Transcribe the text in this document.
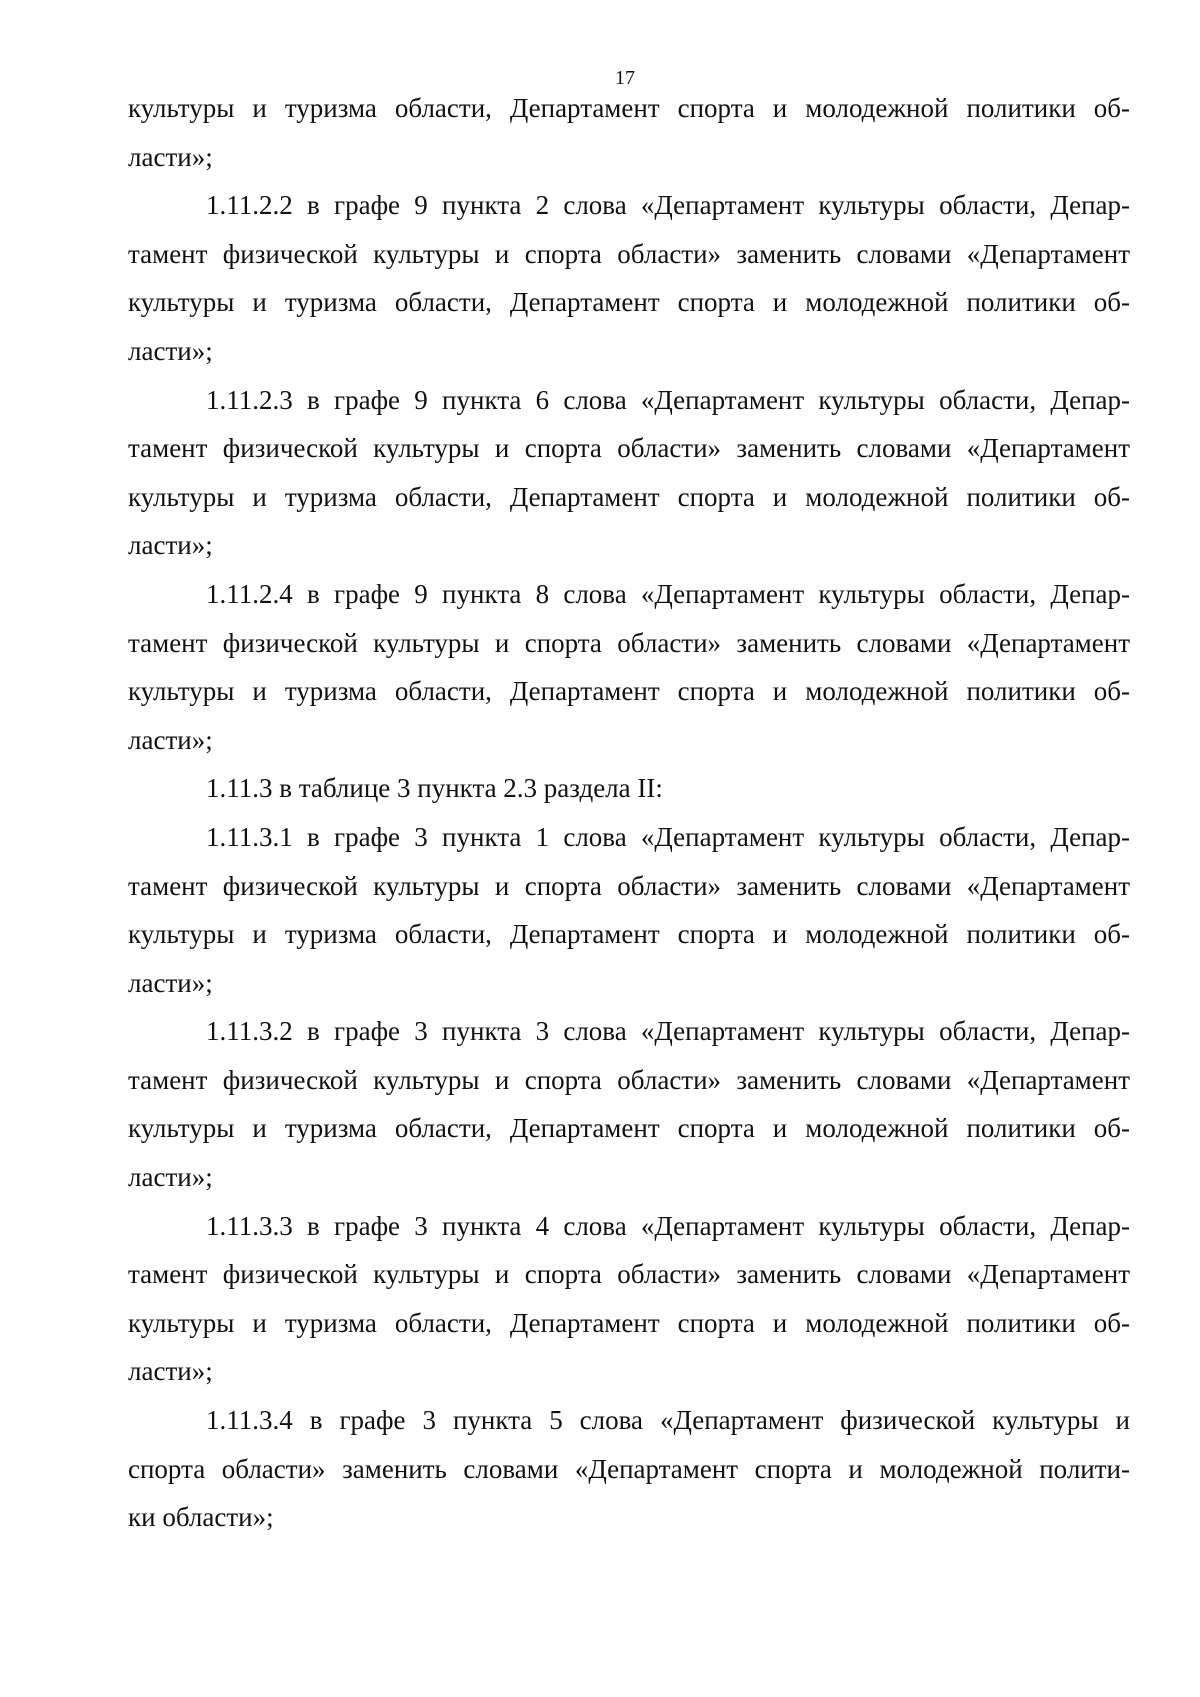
17
культуры и туризма области, Департамент спорта и молодежной политики об-
ласти»;
1.11.2.2 в графе 9 пункта 2 слова «Департамент культуры области, Депар-
тамент физической культуры и спорта области» заменить словами «Департамент
культуры и туризма области, Департамент спорта и молодежной политики об-
ласти»;
1.11.2.3 в графе 9 пункта 6 слова «Департамент культуры области, Депар-
тамент физической культуры и спорта области» заменить словами «Департамент
культуры и туризма области, Департамент спорта и молодежной политики об-
ласти»;
1.11.2.4 в графе 9 пункта 8 слова «Департамент культуры области, Депар-
тамент физической культуры и спорта области» заменить словами «Департамент
культуры и туризма области, Департамент спорта и молодежной политики об-
ласти»;
1.11.3 в таблице 3 пункта 2.3 раздела II:
1.11.3.1 в графе 3 пункта 1 слова «Департамент культуры области, Депар-
тамент физической культуры и спорта области» заменить словами «Департамент
культуры и туризма области, Департамент спорта и молодежной политики об-
ласти»;
1.11.3.2 в графе 3 пункта 3 слова «Департамент культуры области, Депар-
тамент физической культуры и спорта области» заменить словами «Департамент
культуры и туризма области, Департамент спорта и молодежной политики об-
ласти»;
1.11.3.3 в графе 3 пункта 4 слова «Департамент культуры области, Депар-
тамент физической культуры и спорта области» заменить словами «Департамент
культуры и туризма области, Департамент спорта и молодежной политики об-
ласти»;
1.11.3.4 в графе 3 пункта 5 слова «Департамент физической культуры и
спорта области» заменить словами «Департамент спорта и молодежной полити-
ки области»;
